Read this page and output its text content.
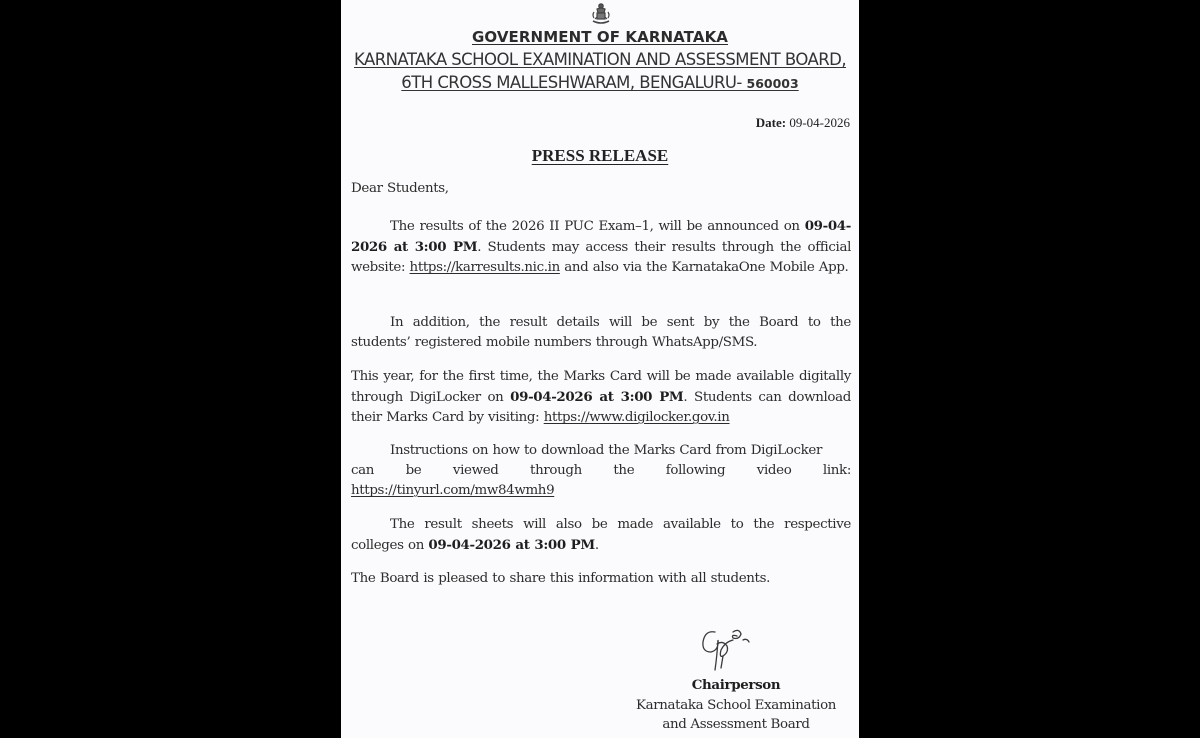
GOVERNMENT OF KARNATAKA
KARNATAKA SCHOOL EXAMINATION AND ASSESSMENT BOARD,
6TH CROSS MALLESHWARAM, BENGALURU- 560003
Date: 09-04-2026
PRESS RELEASE
Dear Students,
The results of the 2026 II PUC Exam–1, will be announced on 09-04-2026 at 3:00 PM. Students may access their results through the official website: https://karresults.nic.in and also via the KarnatakaOne Mobile App.
In addition, the result details will be sent by the Board to the students’ registered mobile numbers through WhatsApp/SMS.
This year, for the first time, the Marks Card will be made available digitally through DigiLocker on 09-04-2026 at 3:00 PM. Students can download their Marks Card by visiting: https://www.digilocker.gov.in
Instructions on how to download the Marks Card from DigiLocker
can be viewed through the following video link:
https://tinyurl.com/mw84wmh9
The result sheets will also be made available to the respective colleges on 09-04-2026 at 3:00 PM.
The Board is pleased to share this information with all students.
Chairperson
Karnataka School Examination
and Assessment Board
